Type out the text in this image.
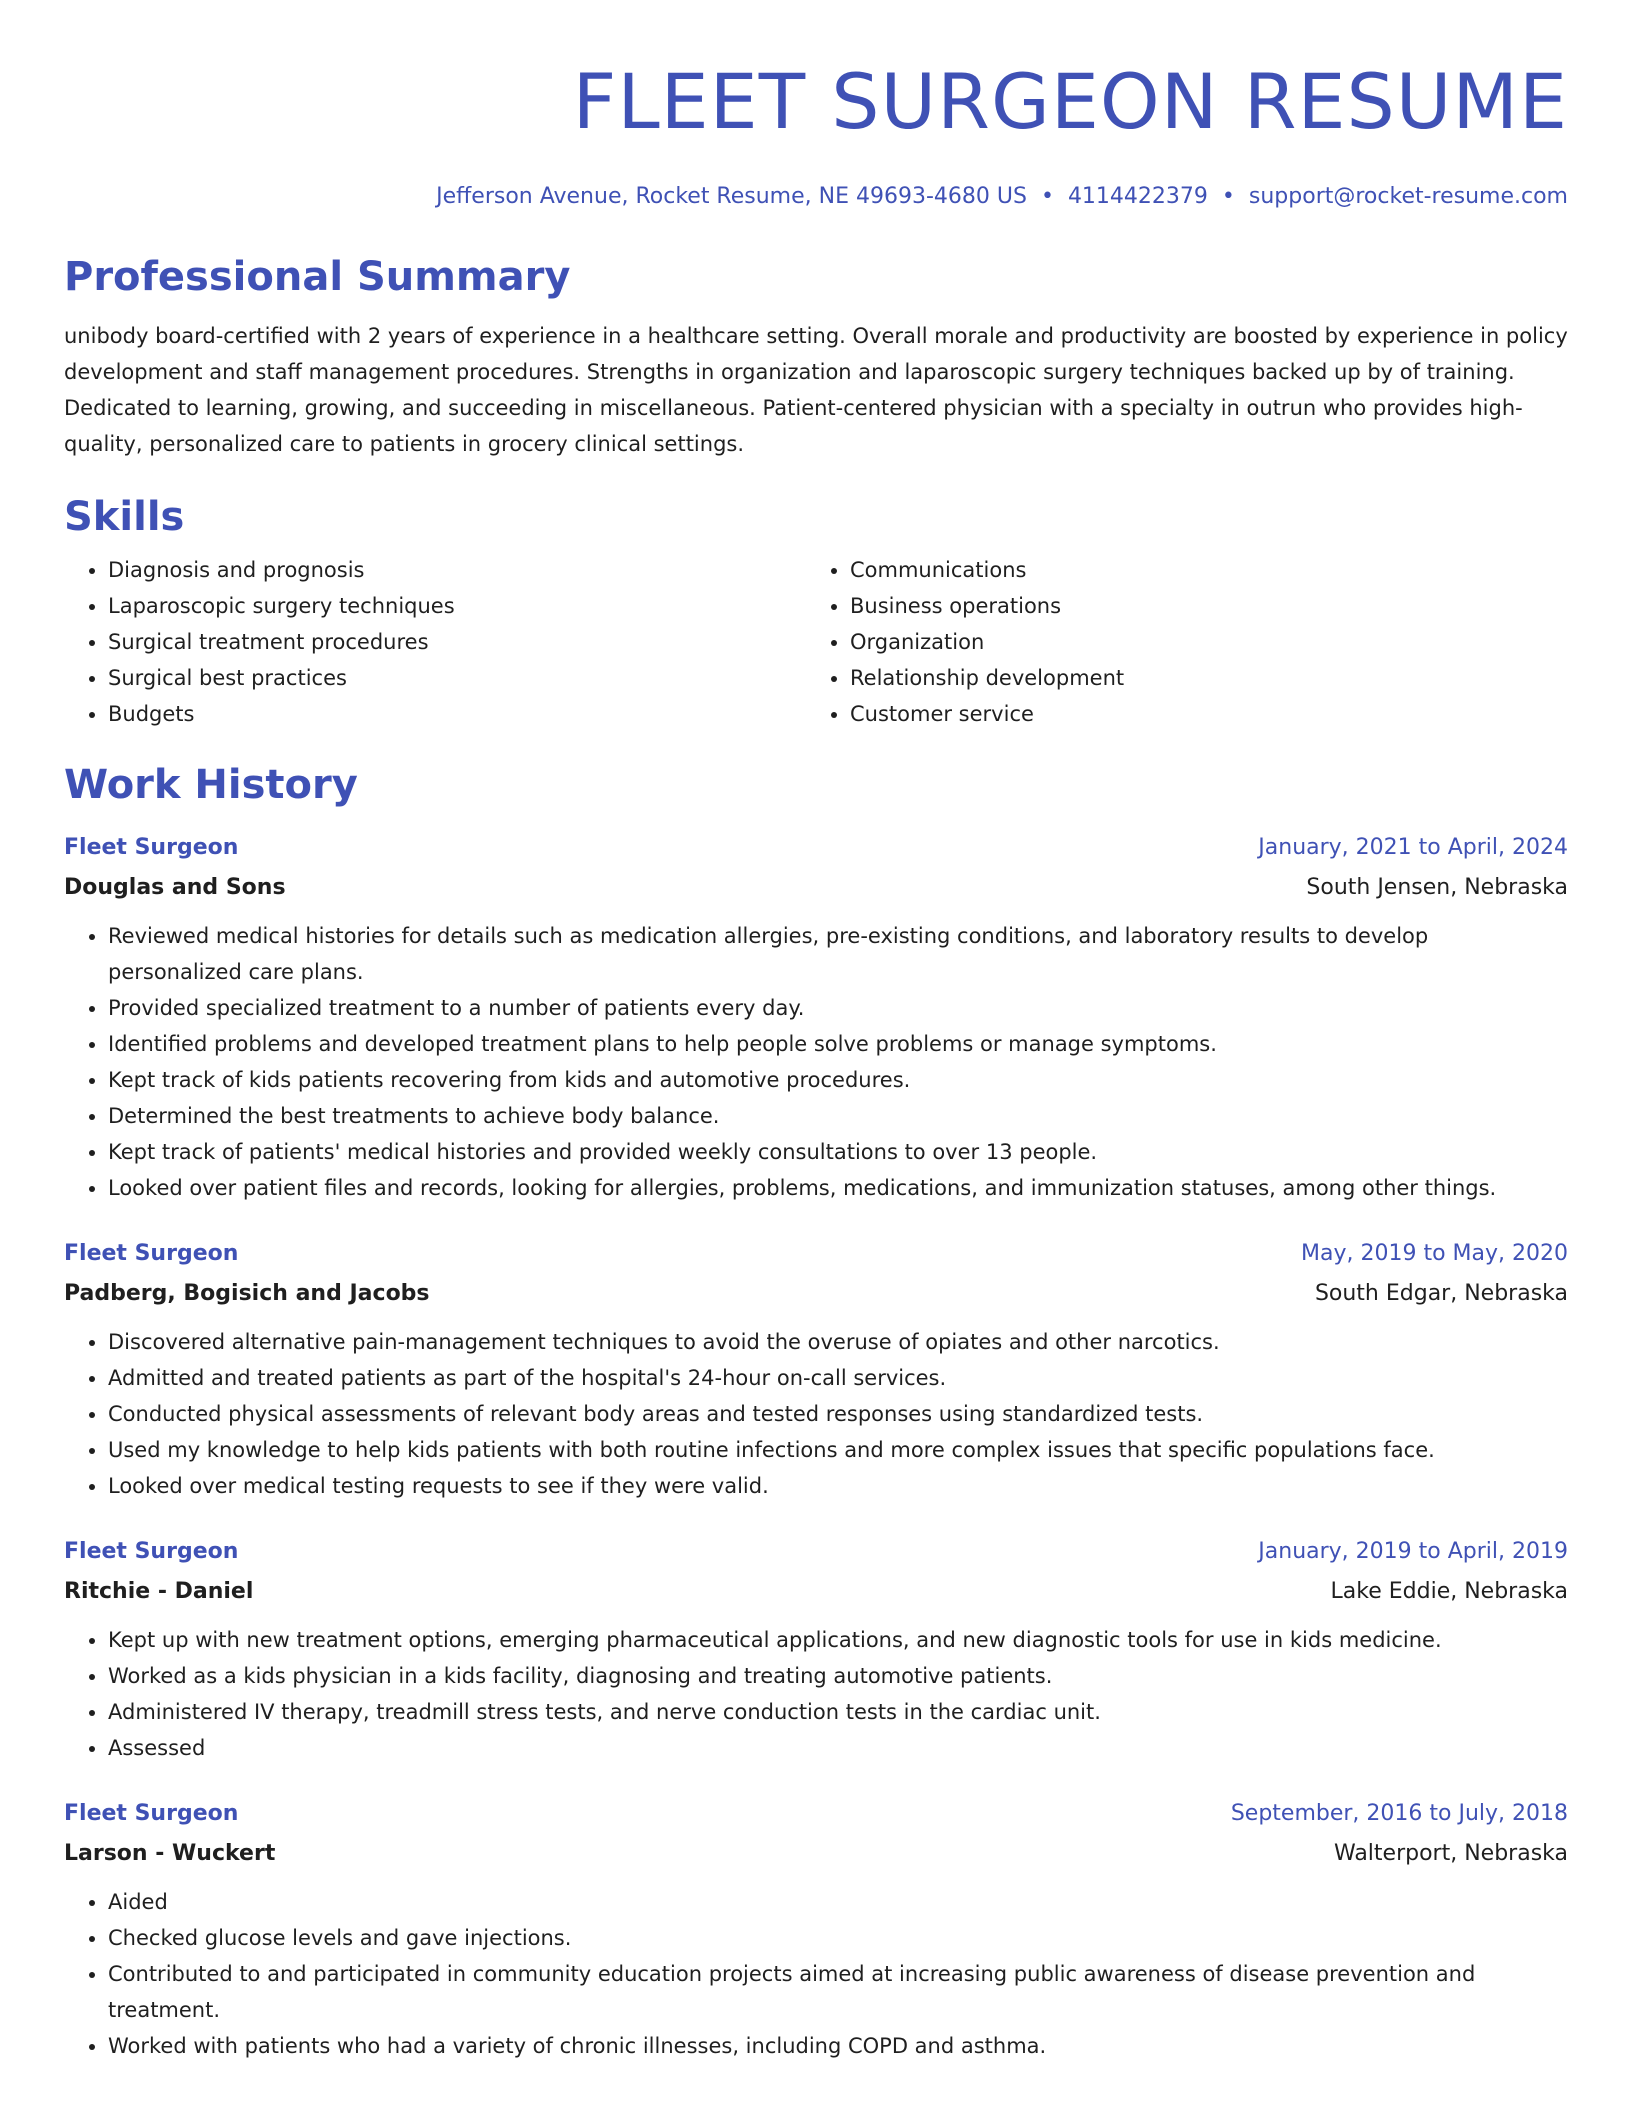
FLEET SURGEON RESUME
Jefferson Avenue, Rocket Resume, NE 49693-4680 US • 4114422379 • support@rocket-resume.com
Professional Summary
unibody board-certified with 2 years of experience in a healthcare setting. Overall morale and productivity are boosted by experience in policy development and staff management procedures. Strengths in organization and laparoscopic surgery techniques backed up by of training. Dedicated to learning, growing, and succeeding in miscellaneous. Patient-centered physician with a specialty in outrun who provides high-quality, personalized care to patients in grocery clinical settings.
Skills
• Diagnosis and prognosis
• Laparoscopic surgery techniques
• Surgical treatment procedures
• Surgical best practices
• Budgets
• Communications
• Business operations
• Organization
• Relationship development
• Customer service
Work History
Fleet Surgeon	January, 2021 to April, 2024
Douglas and Sons	South Jensen, Nebraska
• Reviewed medical histories for details such as medication allergies, pre-existing conditions, and laboratory results to develop personalized care plans.
• Provided specialized treatment to a number of patients every day.
• Identified problems and developed treatment plans to help people solve problems or manage symptoms.
• Kept track of kids patients recovering from kids and automotive procedures.
• Determined the best treatments to achieve body balance.
• Kept track of patients' medical histories and provided weekly consultations to over 13 people.
• Looked over patient files and records, looking for allergies, problems, medications, and immunization statuses, among other things.
Fleet Surgeon	May, 2019 to May, 2020
Padberg, Bogisich and Jacobs	South Edgar, Nebraska
• Discovered alternative pain-management techniques to avoid the overuse of opiates and other narcotics.
• Admitted and treated patients as part of the hospital's 24-hour on-call services.
• Conducted physical assessments of relevant body areas and tested responses using standardized tests.
• Used my knowledge to help kids patients with both routine infections and more complex issues that specific populations face.
• Looked over medical testing requests to see if they were valid.
Fleet Surgeon	January, 2019 to April, 2019
Ritchie - Daniel	Lake Eddie, Nebraska
• Kept up with new treatment options, emerging pharmaceutical applications, and new diagnostic tools for use in kids medicine.
• Worked as a kids physician in a kids facility, diagnosing and treating automotive patients.
• Administered IV therapy, treadmill stress tests, and nerve conduction tests in the cardiac unit.
• Assessed
Fleet Surgeon	September, 2016 to July, 2018
Larson - Wuckert	Walterport, Nebraska
• Aided
• Checked glucose levels and gave injections.
• Contributed to and participated in community education projects aimed at increasing public awareness of disease prevention and treatment.
• Worked with patients who had a variety of chronic illnesses, including COPD and asthma.
